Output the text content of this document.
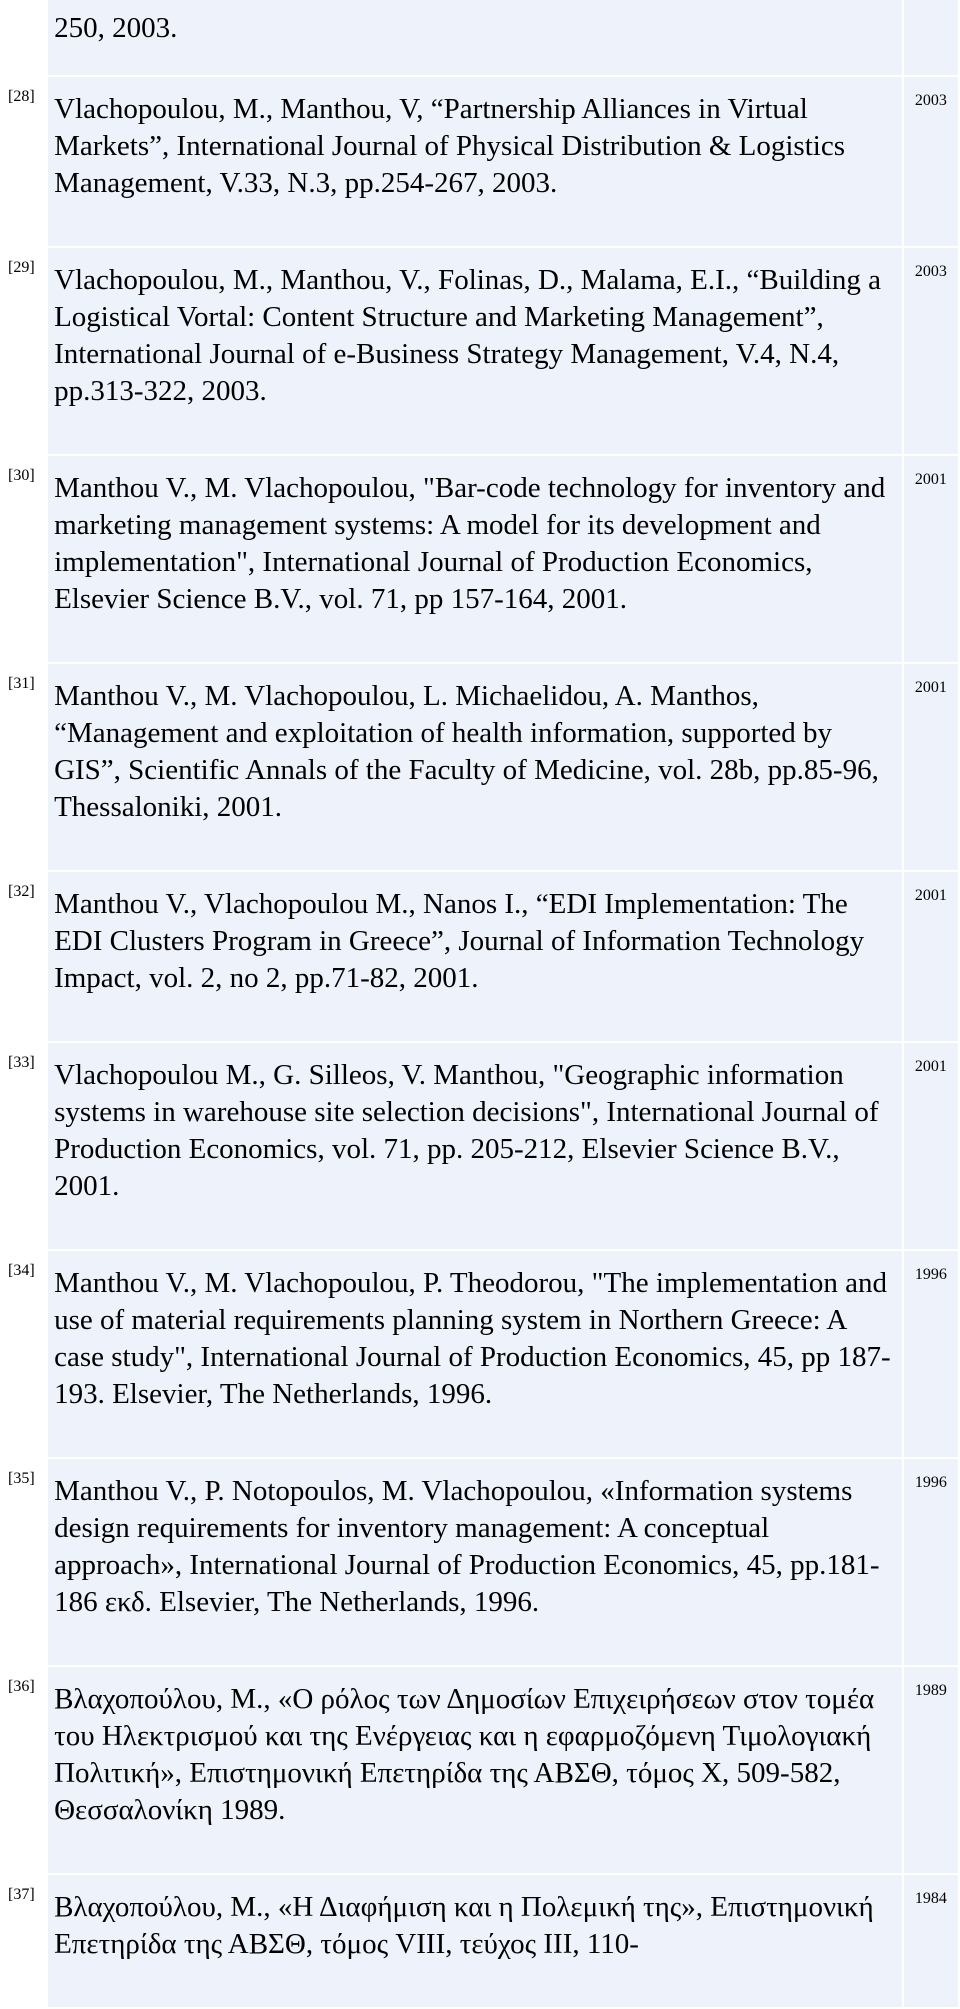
	250, 2003.	
[28]	Vlachopoulou, M., Manthou, V, “Partnership Alliances in Virtual Markets”, International Journal of Physical Distribution & Logistics Management, V.33, N.3, pp.254-267, 2003.	2003
[29]	Vlachopoulou, M., Manthou, V., Folinas, D., Malama, E.I., “Building a Logistical Vortal: Content Structure and Marketing Management”, International Journal of e-Business Strategy Management, V.4, N.4, pp.313-322, 2003.	2003
[30]	Manthou V., M. Vlachopoulou, "Bar-code technology for inventory and marketing management systems: A model for its development and implementation", International Journal of Production Economics, Elsevier Science B.V., vol. 71, pp 157-164, 2001.	2001
[31]	Manthou V., M. Vlachopoulou, L. Michaelidou, A. Manthos, “Management and exploitation of health information, supported by GIS”, Scientific Annals of the Faculty of Medicine, vol. 28b, pp.85-96, Thessaloniki, 2001.	2001
[32]	Manthou V., Vlachopoulou M., Nanos I., “EDI Implementation: The EDI Clusters Program in Greece”, Journal of Information Technology Impact, vol. 2, no 2, pp.71-82, 2001.	2001
[33]	Vlachopoulou M., G. Silleos, V. Manthou, "Geographic information systems in warehouse site selection decisions", International Journal of Production Economics, vol. 71, pp. 205-212, Elsevier Science B.V., 2001.	2001
[34]	Manthou V., M. Vlachopoulou, P. Theodorou, "The implementation and use of material requirements planning system in Northern Greece: A case study", International Journal of Production Economics, 45, pp 187-193. Elsevier, The Netherlands, 1996.	1996
[35]	Manthou V., P. Notopoulos, M. Vlachopoulou, «Information systems design requirements for inventory management: A conceptual approach», International Journal of Production Economics, 45, pp.181-186 εκδ. Elsevier, The Netherlands, 1996.	1996
[36]	Βλαχοπούλου, Μ., «Ο ρόλος των Δημοσίων Επιχειρήσεων στον τομέα του Ηλεκτρισμού και της Ενέργειας και η εφαρμοζόμενη Τιμολογιακή Πολιτική», Επιστημονική Επετηρίδα της ΑΒΣΘ, τόμος Χ, 509-582, Θεσσαλονίκη 1989.	1989
[37]	Βλαχοπούλου, Μ., «Η Διαφήμιση και η Πολεμική της», Επιστημονική Επετηρίδα της ΑΒΣΘ, τόμος VIII, τεύχος ΙΙΙ, 110-	1984
